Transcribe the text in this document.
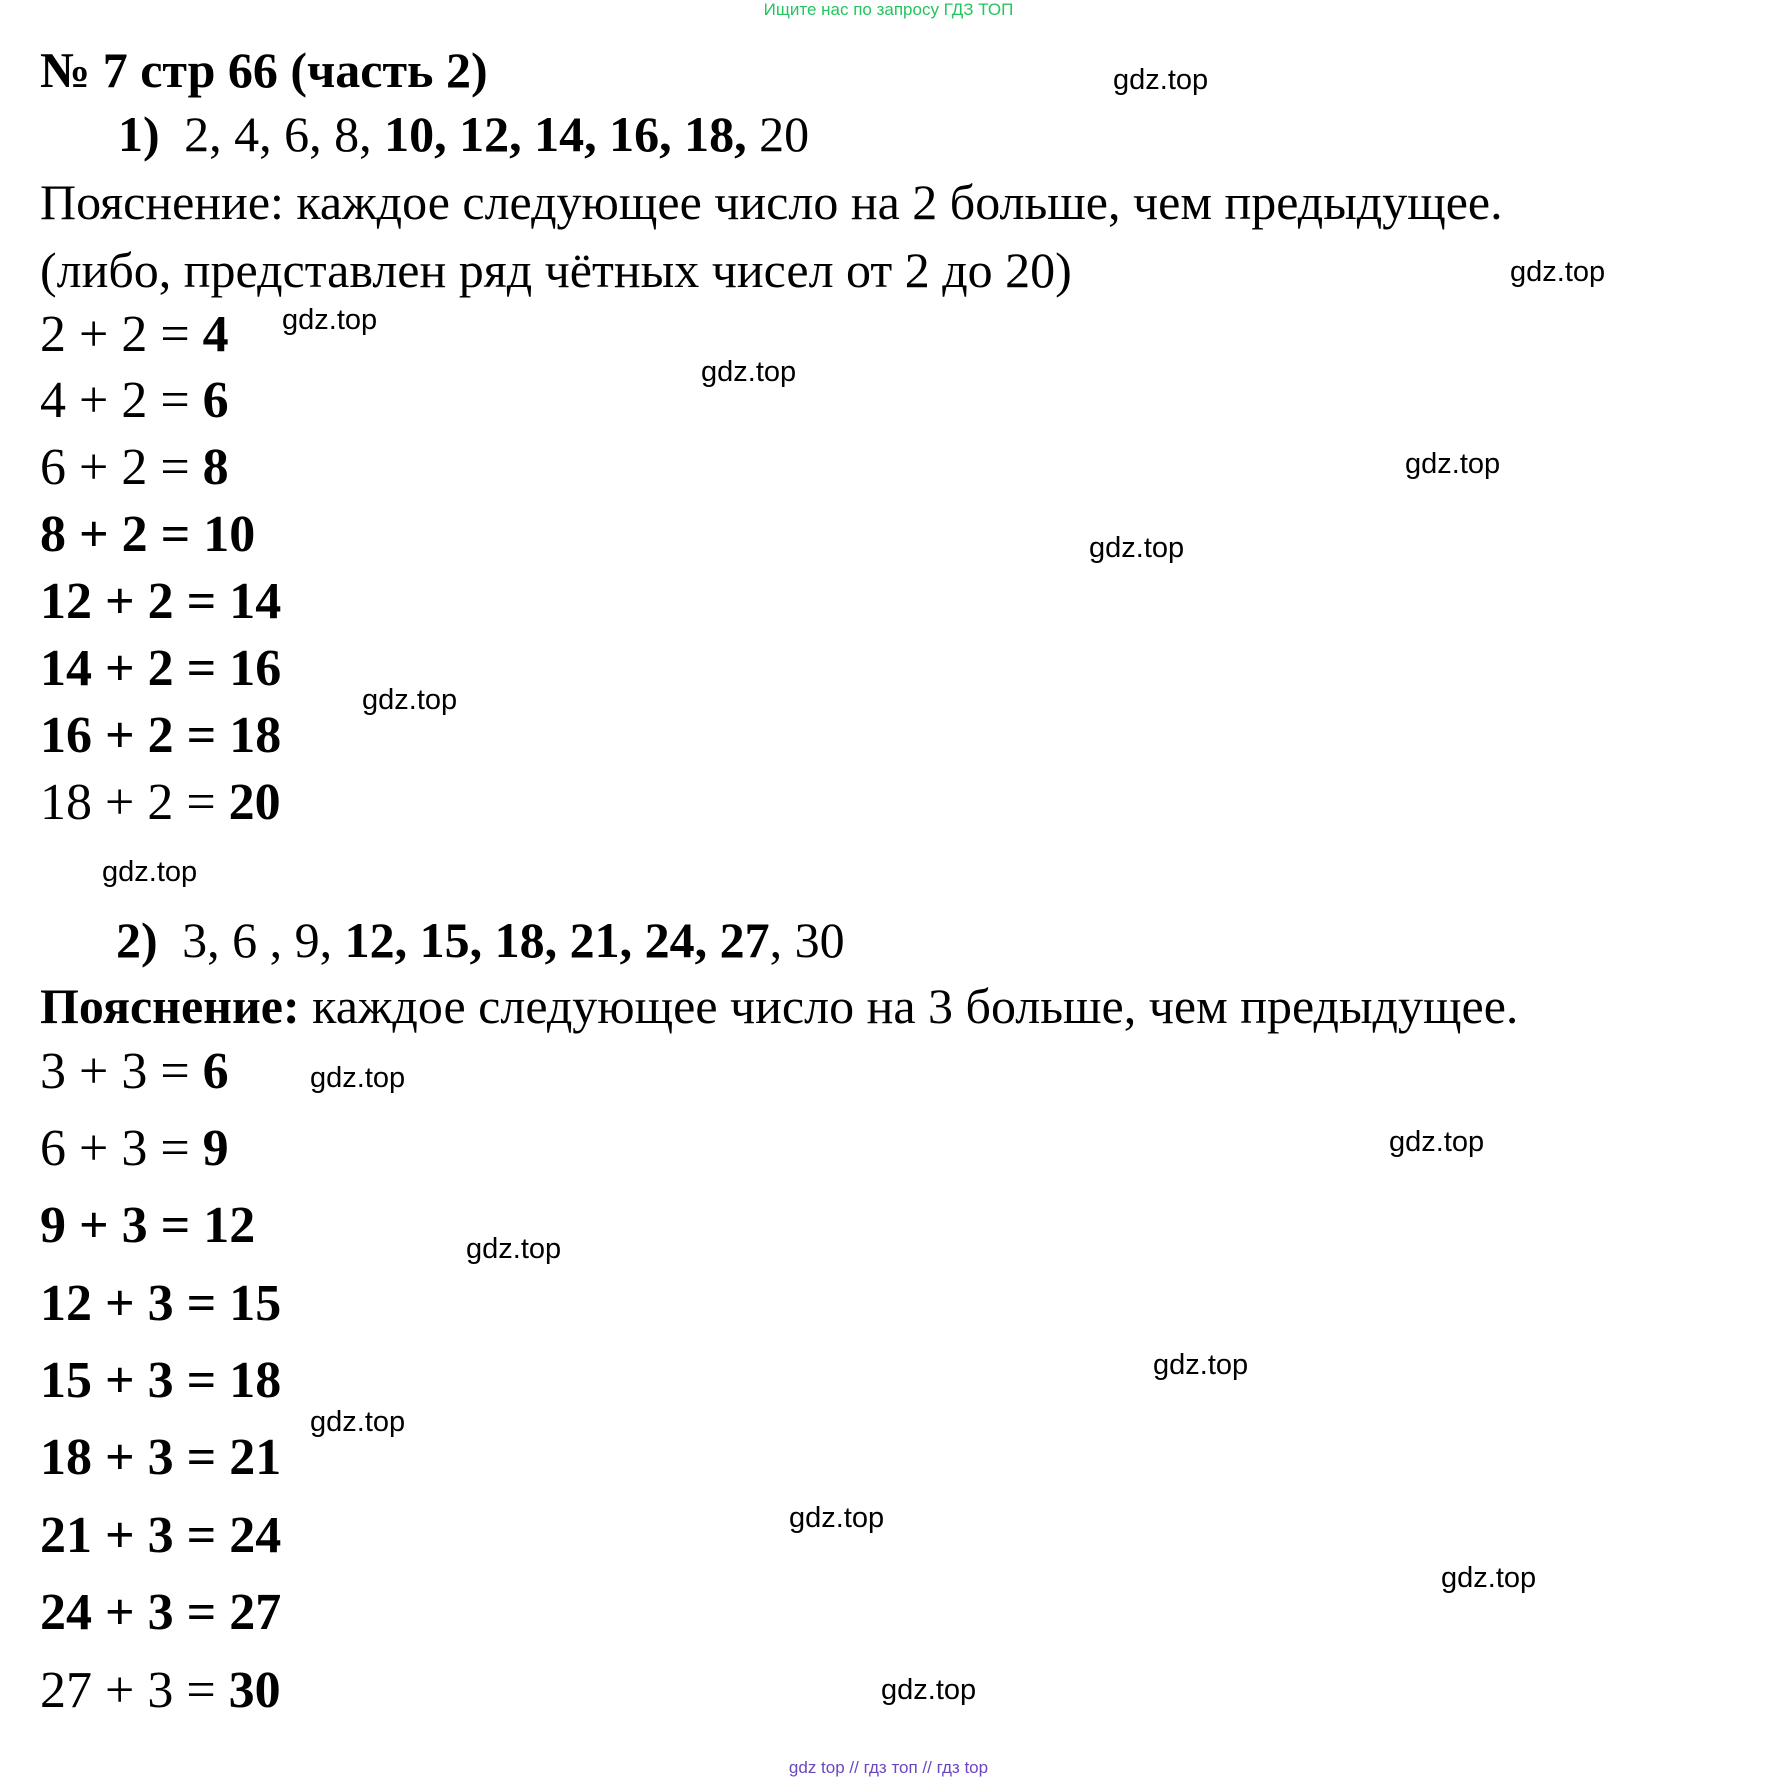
Ищите нас по запросу ГДЗ ТОП
№ 7 стр 66 (часть 2)
1) 2, 4, 6, 8, 10, 12, 14, 16, 18, 20
Пояснение: каждое следующее число на 2 больше, чем предыдущее.
(либо, представлен ряд чётных чисел от 2 до 20)
2 + 2 = 4
4 + 2 = 6
6 + 2 = 8
8 + 2 = 10
12 + 2 = 14
14 + 2 = 16
16 + 2 = 18
18 + 2 = 20
2) 3, 6 , 9, 12, 15, 18, 21, 24, 27, 30
Пояснение: каждое следующее число на 3 больше, чем предыдущее.
3 + 3 = 6
6 + 3 = 9
9 + 3 = 12
12 + 3 = 15
15 + 3 = 18
18 + 3 = 21
21 + 3 = 24
24 + 3 = 27
27 + 3 = 30
gdz.top
gdz.top
gdz.top
gdz.top
gdz.top
gdz.top
gdz.top
gdz.top
gdz.top
gdz.top
gdz.top
gdz.top
gdz.top
gdz.top
gdz.top
gdz.top
gdz top // гдз топ // гдз top
